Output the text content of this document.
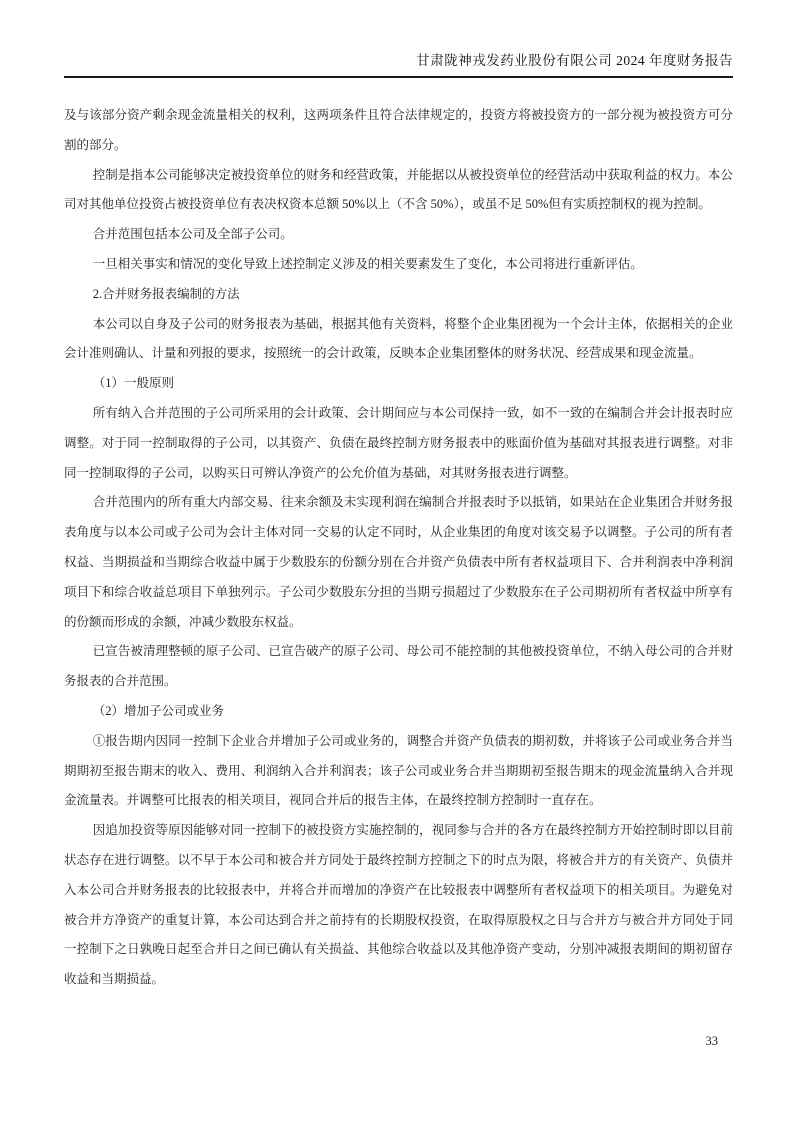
甘肃陇神戎发药业股份有限公司 2024 年度财务报告

及与该部分资产剩余现金流量相关的权利，这两项条件且符合法律规定的，投资方将被投资方的一部分视为被投资方可分割的部分。

控制是指本公司能够决定被投资单位的财务和经营政策，并能据以从被投资单位的经营活动中获取利益的权力。本公司对其他单位投资占被投资单位有表决权资本总额 50%以上（不含 50%），或虽不足 50%但有实质控制权的视为控制。

合并范围包括本公司及全部子公司。

一旦相关事实和情况的变化导致上述控制定义涉及的相关要素发生了变化，本公司将进行重新评估。

2.合并财务报表编制的方法

本公司以自身及子公司的财务报表为基础，根据其他有关资料，将整个企业集团视为一个会计主体，依据相关的企业会计准则确认、计量和列报的要求，按照统一的会计政策，反映本企业集团整体的财务状况、经营成果和现金流量。

（1）一般原则

所有纳入合并范围的子公司所采用的会计政策、会计期间应与本公司保持一致，如不一致的在编制合并会计报表时应调整。对于同一控制取得的子公司，以其资产、负债在最终控制方财务报表中的账面价值为基础对其报表进行调整。对非同一控制取得的子公司，以购买日可辨认净资产的公允价值为基础，对其财务报表进行调整。

合并范围内的所有重大内部交易、往来余额及未实现利润在编制合并报表时予以抵销，如果站在企业集团合并财务报表角度与以本公司或子公司为会计主体对同一交易的认定不同时，从企业集团的角度对该交易予以调整。子公司的所有者权益、当期损益和当期综合收益中属于少数股东的份额分别在合并资产负债表中所有者权益项目下、合并利润表中净利润项目下和综合收益总项目下单独列示。子公司少数股东分担的当期亏损超过了少数股东在子公司期初所有者权益中所享有的份额而形成的余额，冲减少数股东权益。

已宣告被清理整顿的原子公司、已宣告破产的原子公司、母公司不能控制的其他被投资单位，不纳入母公司的合并财务报表的合并范围。

（2）增加子公司或业务

①报告期内因同一控制下企业合并增加子公司或业务的，调整合并资产负债表的期初数，并将该子公司或业务合并当期期初至报告期末的收入、费用、利润纳入合并利润表；该子公司或业务合并当期期初至报告期末的现金流量纳入合并现金流量表。并调整可比报表的相关项目，视同合并后的报告主体，在最终控制方控制时一直存在。

因追加投资等原因能够对同一控制下的被投资方实施控制的，视同参与合并的各方在最终控制方开始控制时即以目前状态存在进行调整。以不早于本公司和被合并方同处于最终控制方控制之下的时点为限，将被合并方的有关资产、负债并入本公司合并财务报表的比较报表中，并将合并而增加的净资产在比较报表中调整所有者权益项下的相关项目。为避免对被合并方净资产的重复计算，本公司达到合并之前持有的长期股权投资，在取得原股权之日与合并方与被合并方同处于同一控制下之日孰晚日起至合并日之间已确认有关损益、其他综合收益以及其他净资产变动，分别冲减报表期间的期初留存收益和当期损益。

33
